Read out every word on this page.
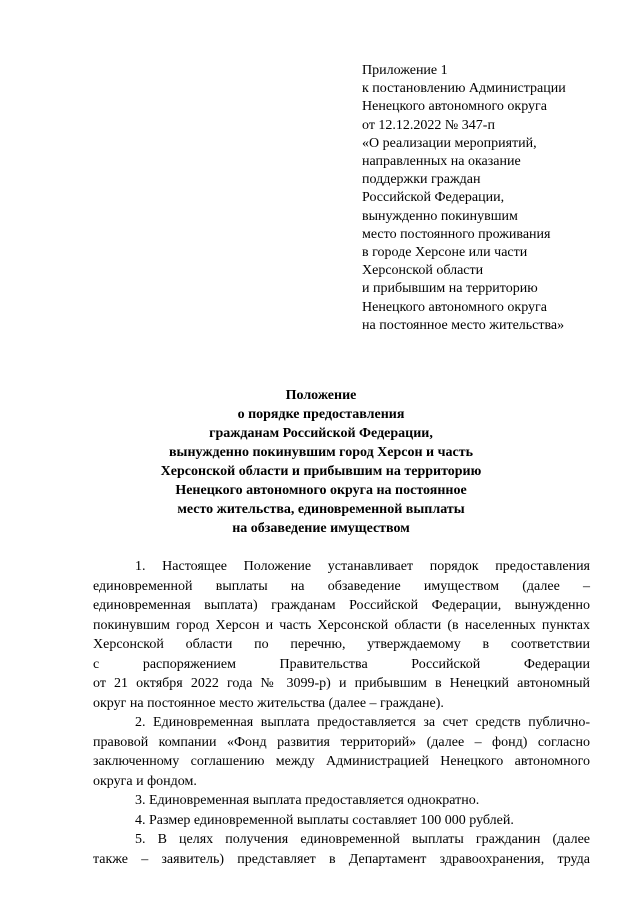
Приложение 1
к постановлению Администрации
Ненецкого автономного округа
от 12.12.2022 № 347-п
«О реализации мероприятий,
направленных на оказание
поддержки граждан
Российской Федерации,
вынужденно покинувшим
место постоянного проживания
в городе Херсоне или части
Херсонской области
и прибывшим на территорию
Ненецкого автономного округа
на постоянное место жительства»
Положение
о порядке предоставления
гражданам Российской Федерации,
вынужденно покинувшим город Херсон и часть
Херсонской области и прибывшим на территорию
Ненецкого автономного округа на постоянное
место жительства, единовременной выплаты
на обзаведение имуществом
1. Настоящее Положение устанавливает порядок предоставления
единовременной выплаты на обзаведение имуществом (далее –
единовременная выплата) гражданам Российской Федерации, вынужденно
покинувшим город Херсон и часть Херсонской области (в населенных пунктах
Херсонской области по перечню, утверждаемому в соответствии
с распоряжением Правительства Российской Федерации
от 21 октября 2022 года № 3099-р) и прибывшим в Ненецкий автономный
округ на постоянное место жительства (далее – граждане).
2. Единовременная выплата предоставляется за счет средств публично-
правовой компании «Фонд развития территорий» (далее – фонд) согласно
заключенному соглашению между Администрацией Ненецкого автономного
округа и фондом.
3. Единовременная выплата предоставляется однократно.
4. Размер единовременной выплаты составляет 100 000 рублей.
5. В целях получения единовременной выплаты гражданин (далее
также – заявитель) представляет в Департамент здравоохранения, труда
